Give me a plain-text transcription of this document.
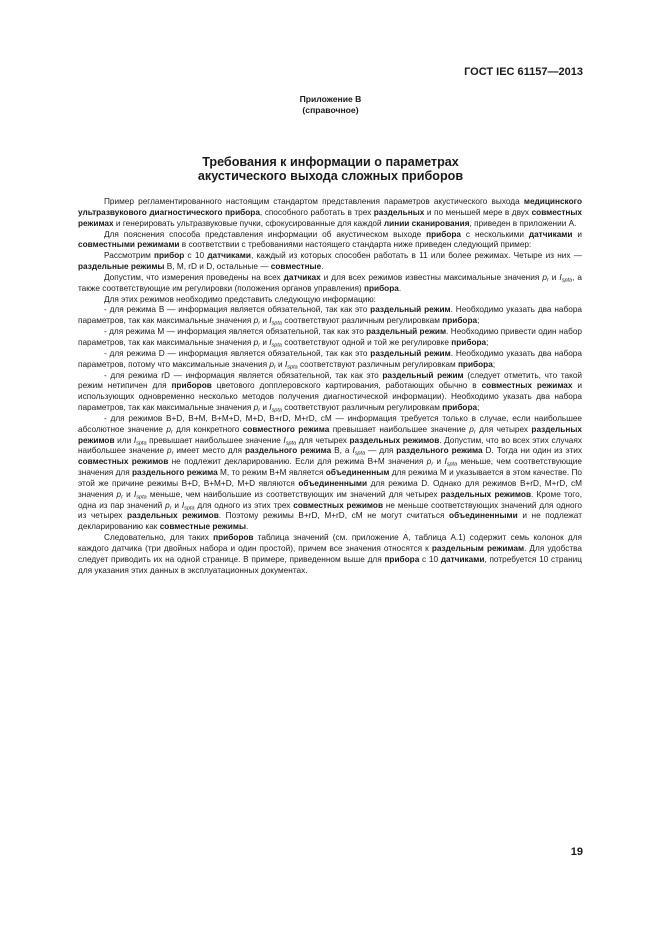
ГОСТ IEC 61157—2013
Приложение В
(справочное)
Требования к информации о параметрах
акустического выхода сложных приборов

Пример регламентированного настоящим стандартом представления параметров акустического выхода медицинского ультразвукового диагностического прибора, способного работать в трех раздельных и по меньшей мере в двух совместных режимах и генерировать ультразвуковые пучки, сфокусированные для каждой линии сканирования, приведен в приложении А.

Для пояснения способа представления информации об акустическом выходе прибора с несколькими датчиками и совместными режимами в соответствии с требованиями настоящего стандарта ниже приведен следующий пример:

Рассмотрим прибор с 10 датчиками, каждый из которых способен работать в 11 или более режимах. Четыре из них — раздельные режимы B, M, rD и D, остальные — совместные.

Допустим, что измерения проведены на всех датчиках и для всех режимов известны максимальные значения $p_r$ и $I_{spta}$, а также соответствующие им регулировки (положения органов управления) прибора.

Для этих режимов необходимо представить следующую информацию:

- для режима B — информация является обязательной, так как это раздельный режим. Необходимо указать два набора параметров, так как максимальные значения $p_r$ и $I_{spta}$ соответствуют различным регулировкам прибора;

- для режима M — информация является обязательной, так как это раздельный режим. Необходимо привести один набор параметров, так как максимальные значения $p_r$ и $I_{spta}$ соответствуют одной и той же регулировке прибора;

- для режима D — информация является обязательной, так как это раздельный режим. Необходимо указать два набора параметров, потому что максимальные значения $p_r$ и $I_{spta}$ соответствуют различным регулировкам прибора;

- для режима rD — информация является обязательной, так как это раздельный режим (следует отметить, что такой режим нетипичен для приборов цветового допплеровского картирования, работающих обычно в совместных режимах и использующих одновременно несколько методов получения диагностической информации). Необходимо указать два набора параметров, так как максимальные значения $p_r$ и $I_{spta}$ соответствуют различным регулировкам прибора;

- для режимов B+D, B+M, B+M+D, M+D, B+rD, M+rD, cM — информация требуется только в случае, если наибольшее абсолютное значение $p_r$ для конкретного совместного режима превышает наибольшее значение $p_r$ для четырех раздельных режимов или $I_{spta}$ превышает наибольшее значение $I_{spta}$ для четырех раздельных режимов. Допустим, что во всех этих случаях наибольшее значение $p_r$ имеет место для раздельного режима B, а $I_{spta}$ — для раздельного режима D. Тогда ни один из этих совместных режимов не подлежит декларированию. Если для режима B+M значения $p_r$ и $I_{spta}$ меньше, чем соответствующие значения для раздельного режима M, то режим B+M является объединенным для режима M и указывается в этом качестве. По этой же причине режимы B+D, B+M+D, M+D являются объединенными для режима D. Однако для режимов B+rD, M+rD, cM значения $p_r$ и $I_{spta}$ меньше, чем наибольшие из соответствующих им значений для четырех раздельных режимов. Кроме того, одна из пар значений $p_r$ и $I_{spta}$ для одного из этих трех совместных режимов не меньше соответствующих значений для одного из четырех раздельных режимов. Поэтому режимы B+rD, M+rD, cM не могут считаться объединенными и не подлежат декларированию как совместные режимы.

Следовательно, для таких приборов таблица значений (см. приложение А, таблица А.1) содержит семь колонок для каждого датчика (три двойных набора и один простой), причем все значения относятся к раздельным режимам. Для удобства следует приводить их на одной странице. В примере, приведенном выше для прибора с 10 датчиками, потребуется 10 страниц для указания этих данных в эксплуатационных документах.

19
